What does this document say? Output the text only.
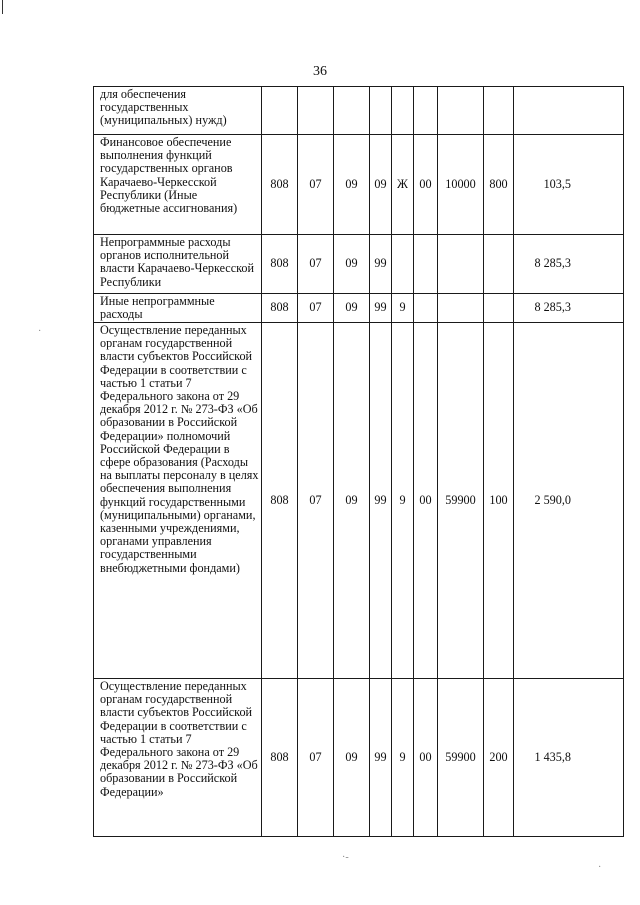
36
для обеспечения государственных (муниципальных) нужд)									
Финансовое обеспечение выполнения функций государственных органов Карачаево-Черкесской Республики (Иные бюджетные ассигнования)	808	07	09	09	Ж	00	10000	800	103,5
Непрограммные расходы органов исполнительной власти Карачаево-Черкесской Республики	808	07	09	99					8 285,3
Иные непрограммные расходы	808	07	09	99	9				8 285,3
Осуществление переданных органам государственной власти субъектов Российской Федерации в соответствии с частью 1 статьи 7 Федерального закона от 29 декабря 2012 г. № 273-ФЗ «Об образовании в Российской Федерации» полномочий Российской Федерации в сфере образования (Расходы на выплаты персоналу в целях обеспечения выполнения функций государственными (муниципальными) органами, казенными учреждениями, органами управления государственными внебюджетными фондами)	808	07	09	99	9	00	59900	100	2 590,0
Осуществление переданных органам государственной власти субъектов Российской Федерации в соответствии с частью 1 статьи 7 Федерального закона от 29 декабря 2012 г. № 273-ФЗ «Об образовании в Российской Федерации»	808	07	09	99	9	00	59900	200	1 435,8
·‑
·
·
